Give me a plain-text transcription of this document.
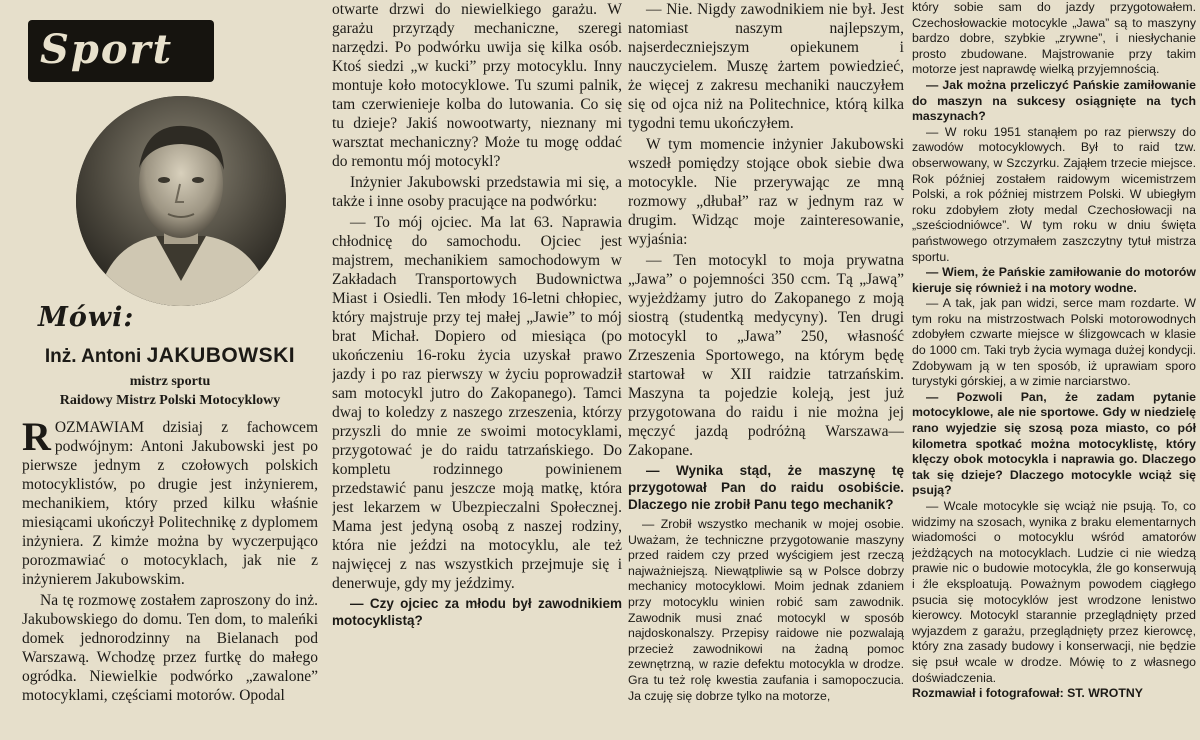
Sport
Mówi:
Inż. Antoni JAKUBOWSKI
mistrz sportu
Raidowy Mistrz Polski Motocyklowy

ROZMAWIAM dzisiaj z fachowcem podwójnym: Antoni Jakubowski jest po pierwsze jednym z czołowych polskich motocyklistów, po drugie jest inżynierem, mechanikiem, który przed kilku właśnie miesiącami ukończył Politechnikę z dyplomem inżyniera. Z kimże można by wyczerpująco porozmawiać o motocyklach, jak nie z inżynierem Jakubowskim.

Na tę rozmowę zostałem zaproszony do inż. Jakubowskiego do domu. Ten dom, to maleńki domek jednorodzinny na Bielanach pod Warszawą. Wchodzę przez furtkę do małego ogródka. Niewielkie podwórko „zawalone” motocyklami, częściami motorów. Opodal

otwarte drzwi do niewielkiego garażu. W garażu przyrządy mechaniczne, szeregi narzędzi. Po podwórku uwija się kilka osób. Ktoś siedzi „w kucki” przy motocyklu. Inny montuje koło motocyklowe. Tu szumi palnik, tam czerwienieje kolba do lutowania. Co się tu dzieje? Jakiś nowootwarty, nieznany mi warsztat mechaniczny? Może tu mogę oddać do remontu mój motocykl?

Inżynier Jakubowski przedstawia mi się, a także i inne osoby pracujące na podwórku:

— To mój ojciec. Ma lat 63. Naprawia chłodnicę do samochodu. Ojciec jest majstrem, mechanikiem samochodowym w Zakładach Transportowych Budownictwa Miast i Osiedli. Ten młody 16-letni chłopiec, który majstruje przy tej małej „Jawie” to mój brat Michał. Dopiero od miesiąca (po ukończeniu 16-roku życia uzyskał prawo jazdy i po raz pierwszy w życiu poprowadził sam motocykl jutro do Zakopanego). Tamci dwaj to koledzy z naszego zrzeszenia, którzy przyszli do mnie ze swoimi motocyklami, przygotować je do raidu tatrzańskiego. Do kompletu rodzinnego powinienem przedstawić panu jeszcze moją matkę, która jest lekarzem w Ubezpieczalni Społecznej. Mama jest jedyną osobą z naszej rodziny, która nie jeździ na motocyklu, ale też najwięcej z nas wszystkich przejmuje się i denerwuje, gdy my jeździmy.

— Czy ojciec za młodu był zawodnikiem motocyklistą?

— Nie. Nigdy zawodnikiem nie był. Jest natomiast naszym najlepszym, najserdeczniejszym opiekunem i nauczycielem. Muszę żartem powiedzieć, że więcej z zakresu mechaniki nauczyłem się od ojca niż na Politechnice, którą kilka tygodni temu ukończyłem.

W tym momencie inżynier Jakubowski wszedł pomiędzy stojące obok siebie dwa motocykle. Nie przerywając ze mną rozmowy „dłubał” raz w jednym raz w drugim. Widząc moje zainteresowanie, wyjaśnia:

— Ten motocykl to moja prywatna „Jawa” o pojemności 350 ccm. Tą „Jawą” wyjeżdżamy jutro do Zakopanego z moją siostrą (studentką medycyny). Ten drugi motocykl to „Jawa” 250, własność Zrzeszenia Sportowego, na którym będę startował w XII raidzie tatrzańskim. Maszyna ta pojedzie koleją, jest już przygotowana do raidu i nie można jej męczyć jazdą podróżną Warszawa—Zakopane.

— Wynika stąd, że maszynę tę przygotował Pan do raidu osobiście. Dlaczego nie zrobił Panu tego mechanik?

— Zrobił wszystko mechanik w mojej osobie. Uważam, że techniczne przygotowanie maszyny przed raidem czy przed wyścigiem jest rzeczą najważniejszą. Niewątpliwie są w Polsce dobrzy mechanicy motocyklowi. Moim jednak zdaniem przy motocyklu winien robić sam zawodnik. Zawodnik musi znać motocykl w sposób najdoskonalszy. Przepisy raidowe nie pozwalają przecież zawodnikowi na żadną pomoc zewnętrzną, w razie defektu motocykla w drodze. Gra tu też rolę kwestia zaufania i samopoczucia. Ja czuję się dobrze tylko na motorze,

który sobie sam do jazdy przygotowałem. Czechosłowackie motocykle „Jawa” są to maszyny bardzo dobre, szybkie „zrywne”, i niesłychanie prosto zbudowane. Majstrowanie przy takim motorze jest naprawdę wielką przyjemnością.

— Jak można przeliczyć Pańskie zamiłowanie do maszyn na sukcesy osiągnięte na tych maszynach?

— W roku 1951 stanąłem po raz pierwszy do zawodów motocyklowych. Był to raid tzw. obserwowany, w Szczyrku. Zająłem trzecie miejsce. Rok później zostałem raidowym wicemistrzem Polski, a rok później mistrzem Polski. W ubiegłym roku zdobyłem złoty medal Czechosłowacji na „sześciodniówce”. W tym roku w dniu święta państwowego otrzymałem zaszczytny tytuł mistrza sportu.

— Wiem, że Pańskie zamiłowanie do motorów kieruje się również i na motory wodne.

— A tak, jak pan widzi, serce mam rozdarte. W tym roku na mistrzostwach Polski motorowodnych zdobyłem czwarte miejsce w ślizgowcach w klasie do 1000 cm. Taki tryb życia wymaga dużej kondycji. Zdobywam ją w ten sposób, iż uprawiam sporo turystyki górskiej, a w zimie narciarstwo.

— Pozwoli Pan, że zadam pytanie motocyklowe, ale nie sportowe. Gdy w niedzielę rano wyjedzie się szosą poza miasto, co pół kilometra spotkać można motocyklistę, który klęczy obok motocykla i naprawia go. Dlaczego tak się dzieje? Dlaczego motocykle wciąż się psują?

— Wcale motocykle się wciąż nie psują. To, co widzimy na szosach, wynika z braku elementarnych wiadomości o motocyklu wśród amatorów jeżdżących na motocyklach. Ludzie ci nie wiedzą prawie nic o budowie motocykla, źle go konserwują i źle eksploatują. Poważnym powodem ciągłego psucia się motocyklów jest wrodzone lenistwo kierowcy. Motocykl starannie przeglądnięty przed wyjazdem z garażu, przeglądnięty przez kierowcę, który zna zasady budowy i konserwacji, nie będzie się psuł wcale w drodze. Mówię to z własnego doświadczenia.

Rozmawiał i fotografował: ST. WROTNY
